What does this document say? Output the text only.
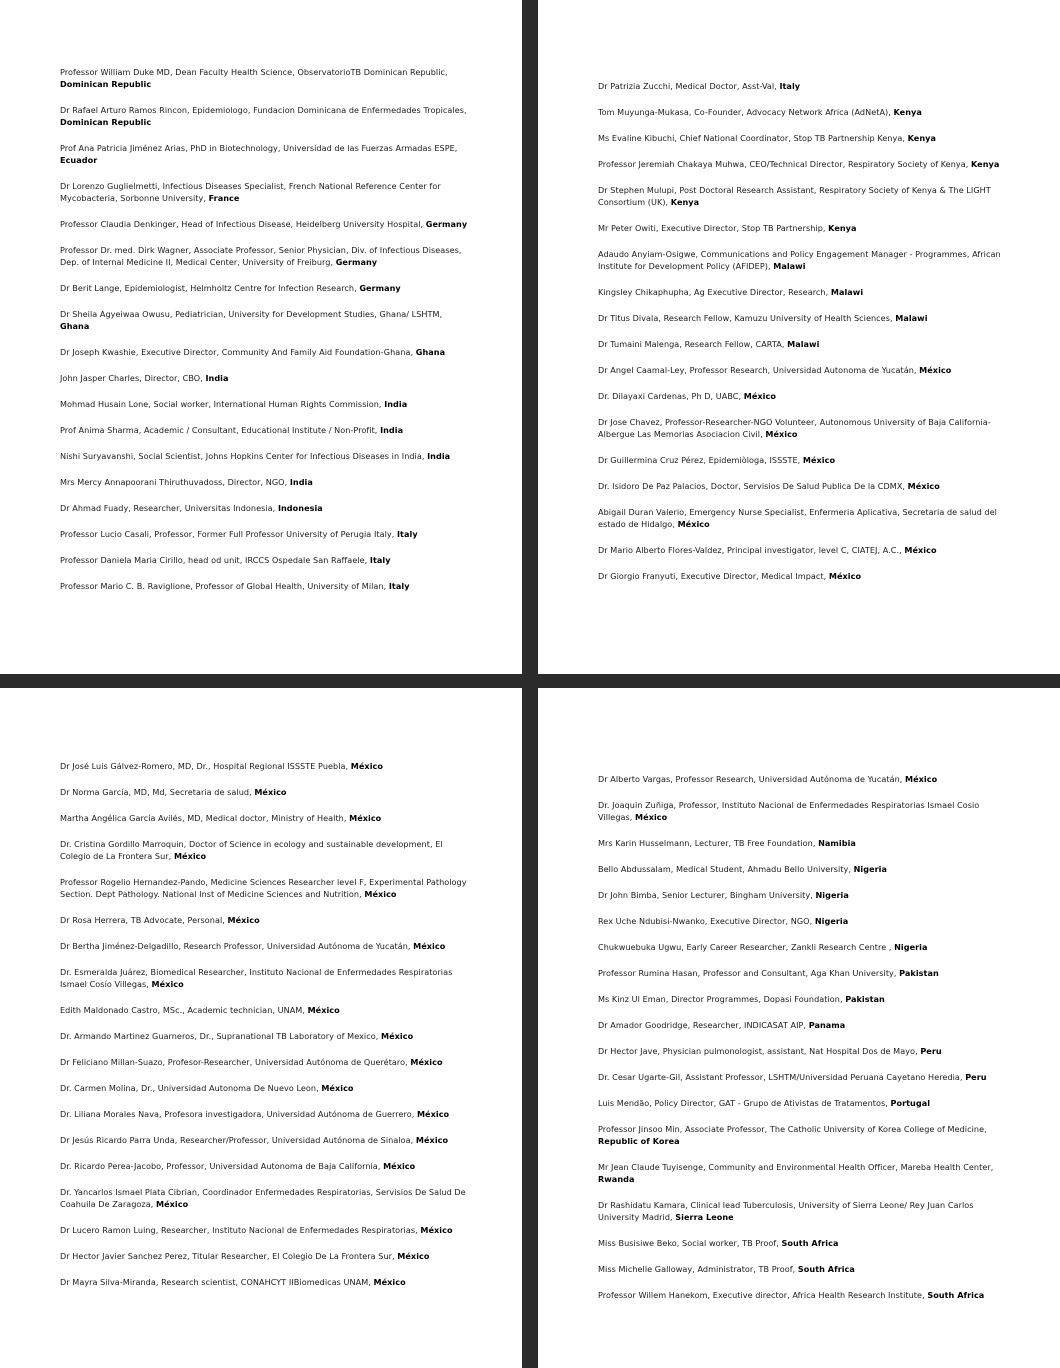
Professor William Duke MD, Dean Faculty Health Science, ObservatorioTB Dominican Republic, Dominican Republic

Dr Rafael Arturo Ramos Rincon, Epidemiologo, Fundacion Dominicana de Enfermedades Tropicales, Dominican Republic

Prof Ana Patricia Jiménez Arias, PhD in Biotechnology, Universidad de las Fuerzas Armadas ESPE, Ecuador

Dr Lorenzo Guglielmetti, Infectious Diseases Specialist, French National Reference Center for Mycobacteria, Sorbonne University, France

Professor Claudia Denkinger, Head of Infectious Disease, Heidelberg University Hospital, Germany

Professor Dr. med. Dirk Wagner, Associate Professor, Senior Physician, Div. of Infectious Diseases, Dep. of Internal Medicine II, Medical Center, University of Freiburg, Germany

Dr Berit Lange, Epidemiologist, Helmholtz Centre for Infection Research, Germany

Dr Sheila Agyeiwaa Owusu, Pediatrician, University for Development Studies, Ghana/ LSHTM, Ghana

Dr Joseph Kwashie, Executive Director, Community And Family Aid Foundation-Ghana, Ghana

John Jasper Charles, Director, CBO, India

Mohmad Husain Lone, Social worker, International Human Rights Commission, India

Prof Anima Sharma, Academic / Consultant, Educational Institute / Non-Profit, India

Nishi Suryavanshi, Social Scientist, Johns Hopkins Center for Infectious Diseases in India, India

Mrs Mercy Annapoorani Thiruthuvadoss, Director, NGO, India

Dr Ahmad Fuady, Researcher, Universitas Indonesia, Indonesia

Professor Lucio Casali, Professor, Former Full Professor University of Perugia Italy, Italy

Professor Daniela Maria Cirillo, head od unit, IRCCS Ospedale San Raffaele, Italy

Professor Mario C. B. Raviglione, Professor of Global Health, University of Milan, Italy

Dr Patrizia Zucchi, Medical Doctor, Asst-Val, Italy

Tom Muyunga-Mukasa, Co-Founder, Advocacy Network Africa (AdNetA), Kenya

Ms Evaline Kibuchi, Chief National Coordinator, Stop TB Partnership Kenya, Kenya

Professor Jeremiah Chakaya Muhwa, CEO/Technical Director, Respiratory Society of Kenya, Kenya

Dr Stephen Mulupi, Post Doctoral Research Assistant, Respiratory Society of Kenya & The LIGHT Consortium (UK), Kenya

Mr Peter Owiti, Executive Director, Stop TB Partnership, Kenya

Adaudo Anyiam-Osigwe, Communications and Policy Engagement Manager - Programmes, African Institute for Development Policy (AFIDEP), Malawi

Kingsley Chikaphupha, Ag Executive Director, Research, Malawi

Dr Titus Divala, Research Fellow, Kamuzu University of Health Sciences, Malawi

Dr Tumaini Malenga, Research Fellow, CARTA, Malawi

Dr Angel Caamal-Ley, Professor Research, Universidad Autonoma de Yucatán, México

Dr. Dilayaxi Cardenas, Ph D, UABC, México

Dr Jose Chavez, Professor-Researcher-NGO Volunteer, Autonomous University of Baja California-Albergue Las Memorias Asociacion Civil, México

Dr Guillermina Cruz Pérez, Epidemiòloga, ISSSTE, México

Dr. Isidoro De Paz Palacios, Doctor, Servisios De Salud Publica De la CDMX, México

Abigail Duran Valerio, Emergency Nurse Specialist, Enfermeria Aplicativa, Secretaria de salud del estado de Hidalgo, México

Dr Mario Alberto Flores-Valdez, Principal investigator, level C, CIATEJ, A.C., México

Dr Giorgio Franyuti, Executive Director, Medical Impact, México

Dr José Luis Gálvez-Romero, MD, Dr., Hospital Regional ISSSTE Puebla, México

Dr Norma García, MD, Md, Secretaria de salud, México

Martha Angélica García Avilés, MD, Medical doctor, Ministry of Health, México

Dr. Cristina Gordillo Marroquin, Doctor of Science in ecology and sustainable development, El Colegio de La Frontera Sur, México

Professor Rogelio Hernandez-Pando, Medicine Sciences Researcher level F, Experimental Pathology Section. Dept Pathology. National Inst of Medicine Sciences and Nutrition, México

Dr Rosa Herrera, TB Advocate, Personal, México

Dr Bertha Jiménez-Delgadillo, Research Professor, Universidad Autónoma de Yucatán, México

Dr. Esmeralda Juárez, Biomedical Researcher, Instituto Nacional de Enfermedades Respiratorias Ismael Cosío Villegas, México

Edith Maldonado Castro, MSc., Academic technician, UNAM, México

Dr. Armando Martinez Guarneros, Dr., Supranational TB Laboratory of Mexico, México

Dr Feliciano Millan-Suazo, Profesor-Researcher, Universidad Autónoma de Querétaro, México

Dr. Carmen Molina, Dr., Universidad Autonoma De Nuevo Leon, México

Dr. Liliana Morales Nava, Profesora investigadora, Universidad Autónoma de Guerrero, México

Dr Jesús Ricardo Parra Unda, Researcher/Professor, Universidad Autónoma de Sinaloa, México

Dr. Ricardo Perea-Jacobo, Professor, Universidad Autonoma de Baja California, México

Dr. Yancarlos Ismael Plata Cibrian, Coordinador Enfermedades Respiratorias, Servisios De Salud De Coahuila De Zaragoza, México

Dr Lucero Ramon Luing, Researcher, Instituto Nacional de Enfermedades Respiratorias, México

Dr Hector Javier Sanchez Perez, Titular Researcher, El Colegio De La Frontera Sur, México

Dr Mayra Silva-Miranda, Research scientist, CONAHCYT IIBiomedicas UNAM, México

Dr Alberto Vargas, Professor Research, Universidad Autónoma de Yucatán, México

Dr. Joaquin Zuñiga, Professor, Instituto Nacional de Enfermedades Respiratorias Ismael Cosio Villegas, México

Mrs Karin Husselmann, Lecturer, TB Free Foundation, Namibia

Bello Abdussalam, Medical Student, Ahmadu Bello University, Nigeria

Dr John Bimba, Senior Lecturer, Bingham University, Nigeria

Rex Uche Ndubisi-Nwanko, Executive Director, NGO, Nigeria

Chukwuebuka Ugwu, Early Career Researcher, Zankli Research Centre , Nigeria

Professor Rumina Hasan, Professor and Consultant, Aga Khan University, Pakistan

Ms Kinz Ul Eman, Director Programmes, Dopasi Foundation, Pakistan

Dr Amador Goodridge, Researcher, INDICASAT AIP, Panama

Dr Hector Jave, Physician pulmonologist, assistant, Nat Hospital Dos de Mayo, Peru

Dr. Cesar Ugarte-Gil, Assistant Professor, LSHTM/Universidad Peruana Cayetano Heredia, Peru

Luis Mendão, Policy Director, GAT - Grupo de Ativistas de Tratamentos, Portugal

Professor Jinsoo Min, Associate Professor, The Catholic University of Korea College of Medicine, Republic of Korea

Mr Jean Claude Tuyisenge, Community and Environmental Health Officer, Mareba Health Center, Rwanda

Dr Rashidatu Kamara, Clinical lead Tuberculosis, University of Sierra Leone/ Rey Juan Carlos University Madrid, Sierra Leone

Miss Busisiwe Beko, Social worker, TB Proof, South Africa

Miss Michelle Galloway, Administrator, TB Proof, South Africa

Professor Willem Hanekom, Executive director, Africa Health Research Institute, South Africa
